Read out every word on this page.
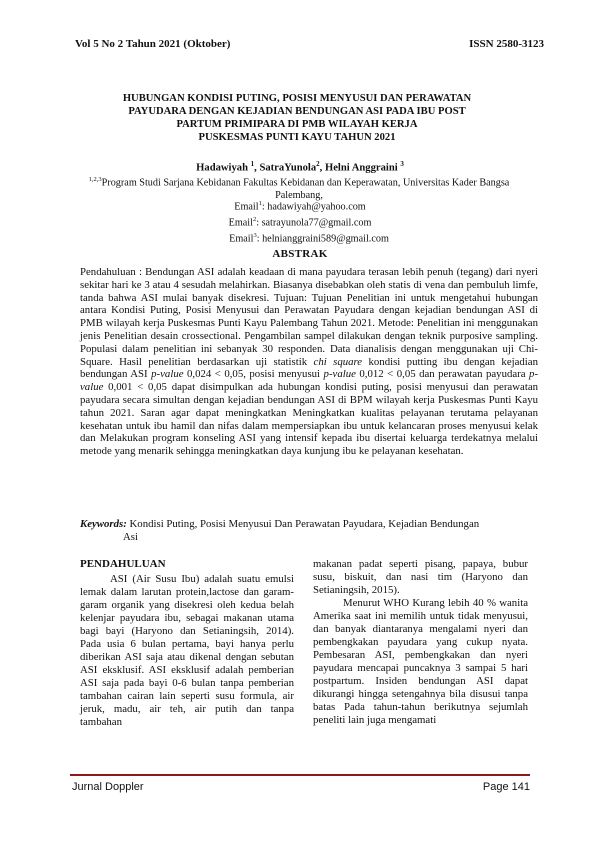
Vol 5 No 2 Tahun 2021 (Oktober)	ISSN 2580-3123
HUBUNGAN KONDISI PUTING, POSISI MENYUSUI DAN PERAWATAN
PAYUDARA DENGAN KEJADIAN BENDUNGAN ASI PADA IBU POST
PARTUM PRIMIPARA DI PMB WILAYAH KERJA
PUSKESMAS PUNTI KAYU TAHUN 2021
Hadawiyah $^1$, SatraYunola$^2$, Helni Anggraini $^3$
$^{1,2,3}$Program Studi Sarjana Kebidanan Fakultas Kebidanan dan Keperawatan, Universitas Kader Bangsa
Palembang,
Email$^1$: hadawiyah@yahoo.com
Email$^2$: satrayunola77@gmail.com
Email$^3$: helnianggraini589@gmail.com
ABSTRAK
Pendahuluan : Bendungan ASI adalah keadaan di mana payudara terasan lebih penuh (tegang) dari nyeri sekitar hari ke 3 atau 4 sesudah melahirkan. Biasanya disebabkan oleh statis di vena dan pembuluh limfe, tanda bahwa ASI mulai banyak disekresi. Tujuan: Tujuan Penelitian ini untuk mengetahui hubungan antara Kondisi Puting, Posisi Menyusui dan Perawatan Payudara dengan kejadian bendungan ASI di PMB wilayah kerja Puskesmas Punti Kayu Palembang Tahun 2021. Metode: Penelitian ini menggunakan jenis Penelitian desain crossectional. Pengambilan sampel dilakukan dengan teknik purposive sampling. Populasi dalam penelitian ini sebanyak 30 responden. Data dianalisis dengan menggunakan uji Chi-Square. Hasil penelitian berdasarkan uji statistik chi square kondisi putting ibu dengan kejadian bendungan ASI p-value 0,024 < 0,05, posisi menyusui p-value 0,012 < 0,05 dan perawatan payudara p-value 0,001 < 0,05 dapat disimpulkan ada hubungan kondisi puting, posisi menyusui dan perawatan payudara secara simultan dengan kejadian bendungan ASI di BPM wilayah kerja Puskesmas Punti Kayu tahun 2021. Saran agar dapat meningkatkan Meningkatkan kualitas pelayanan terutama pelayanan kesehatan untuk ibu hamil dan nifas dalam mempersiapkan ibu untuk kelancaran proses menyusui kelak dan Melakukan program konseling ASI yang intensif kepada ibu disertai keluarga terdekatnya melalui metode yang menarik sehingga meningkatkan daya kunjung ibu ke pelayanan kesehatan.
Keywords: Kondisi Puting, Posisi Menyusui Dan Perawatan Payudara, Kejadian Bendungan
Asi
PENDAHULUAN

ASI (Air Susu Ibu) adalah suatu emulsi lemak dalam larutan protein,lactose dan garam-garam organik yang disekresi oleh kedua belah kelenjar payudara ibu, sebagai makanan utama bagi bayi (Haryono dan Setianingsih, 2014). Pada usia 6 bulan pertama, bayi hanya perlu diberikan ASI saja atau dikenal dengan sebutan ASI eksklusif. ASI eksklusif adalah pemberian ASI saja pada bayi 0-6 bulan tanpa pemberian tambahan cairan lain seperti susu formula, air jeruk, madu, air teh, air putih dan tanpa tambahan

makanan padat seperti pisang, papaya, bubur susu, biskuit, dan nasi tim (Haryono dan Setianingsih, 2015).

Menurut WHO Kurang lebih 40 % wanita Amerika saat ini memilih untuk tidak menyusui, dan banyak diantaranya mengalami nyeri dan pembengkakan payudara yang cukup nyata. Pembesaran ASI, pembengkakan dan nyeri payudara mencapai puncaknya 3 sampai 5 hari postpartum. Insiden bendungan ASI dapat dikurangi hingga setengahnya bila disusui tanpa batas Pada tahun-tahun berikutnya sejumlah peneliti lain juga mengamati

Jurnal Doppler	Page 141
